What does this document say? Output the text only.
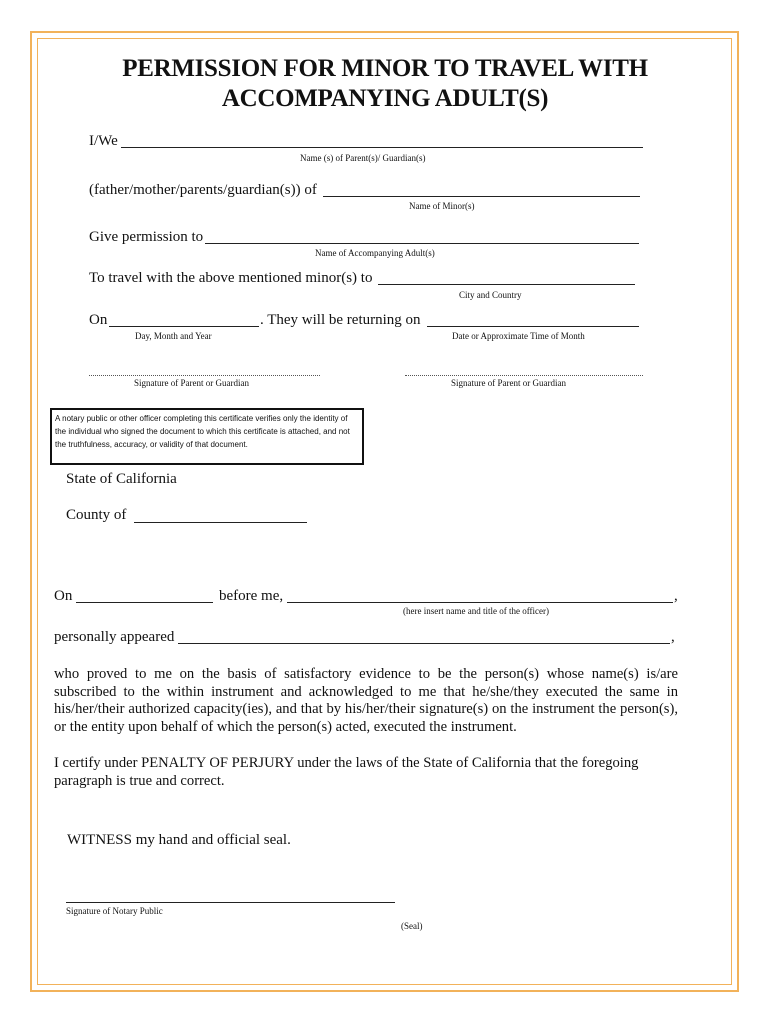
PERMISSION FOR MINOR TO TRAVEL WITH
ACCOMPANYING ADULT(S)
I/We
Name (s) of Parent(s)/ Guardian(s)
(father/mother/parents/guardian(s)) of
Name of Minor(s)
Give permission to
Name of Accompanying Adult(s)
To travel with the above mentioned minor(s) to
City and Country
On	. They will be returning on
Day, Month and Year	Date or Approximate Time of Month
Signature of Parent or Guardian	Signature of Parent or Guardian
A notary public or other officer completing this certificate verifies only the identity of the individual who signed the document to which this certificate is attached, and not the truthfulness, accuracy, or validity of that document.
State of California
County of
On	before me,	,
(here insert name and title of the officer)
personally appeared	,
who proved to me on the basis of satisfactory evidence to be the person(s) whose name(s) is/are subscribed to the within instrument and acknowledged to me that he/she/they executed the same in his/her/their authorized capacity(ies), and that by his/her/their signature(s) on the instrument the person(s), or the entity upon behalf of which the person(s) acted, executed the instrument.
I certify under PENALTY OF PERJURY under the laws of the State of California that the foregoing paragraph is true and correct.
WITNESS my hand and official seal.
Signature of Notary Public
(Seal)
